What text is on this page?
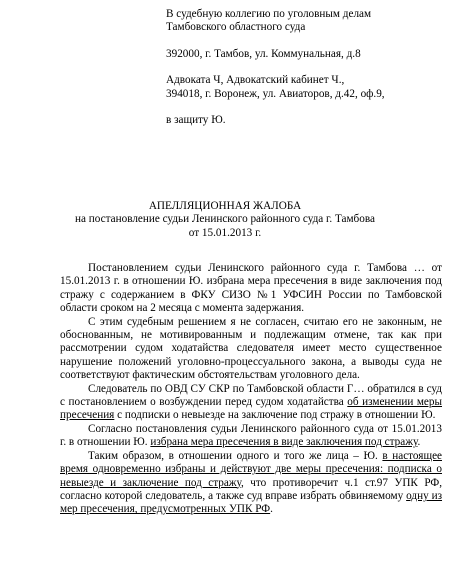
В судебную коллегию по уголовным делам
Тамбовского областного суда
392000, г. Тамбов, ул. Коммунальная, д.8
Адвоката Ч, Адвокатский кабинет Ч.,
394018, г. Воронеж, ул. Авиаторов, д.42, оф.9,
в защиту Ю.
АПЕЛЛЯЦИОННАЯ ЖАЛОБА
на постановление судьи Ленинского районного суда г. Тамбова
от 15.01.2013 г.

Постановлением судьи Ленинского районного суда г. Тамбова … от 15.01.2013 г. в отношении Ю. избрана мера пресечения в виде заключения под стражу с содержанием в ФКУ СИЗО №1 УФСИН России по Тамбовской области сроком на 2 месяца с момента задержания.

С этим судебным решением я не согласен, считаю его не законным, не обоснованным, не мотивированным и подлежащим отмене, так как при рассмотрении судом ходатайства следователя имеет место существенное нарушение положений уголовно-процессуального закона, а выводы суда не соответствуют фактическим обстоятельствам уголовного дела.

Следователь по ОВД СУ СКР по Тамбовской области Г… обратился в суд с постановлением о возбуждении перед судом ходатайства об изменении меры пресечения с подписки о невыезде на заключение под стражу в отношении Ю.

Согласно постановления судьи Ленинского районного суда от 15.01.2013 г. в отношении Ю. избрана мера пресечения в виде заключения под стражу.

Таким образом, в отношении одного и того же лица – Ю. в настоящее время одновременно избраны и действуют две меры пресечения: подписка о невыезде и заключение под стражу, что противоречит ч.1 ст.97 УПК РФ, согласно которой следователь, а также суд вправе избрать обвиняемому одну из мер пресечения, предусмотренных УПК РФ.
